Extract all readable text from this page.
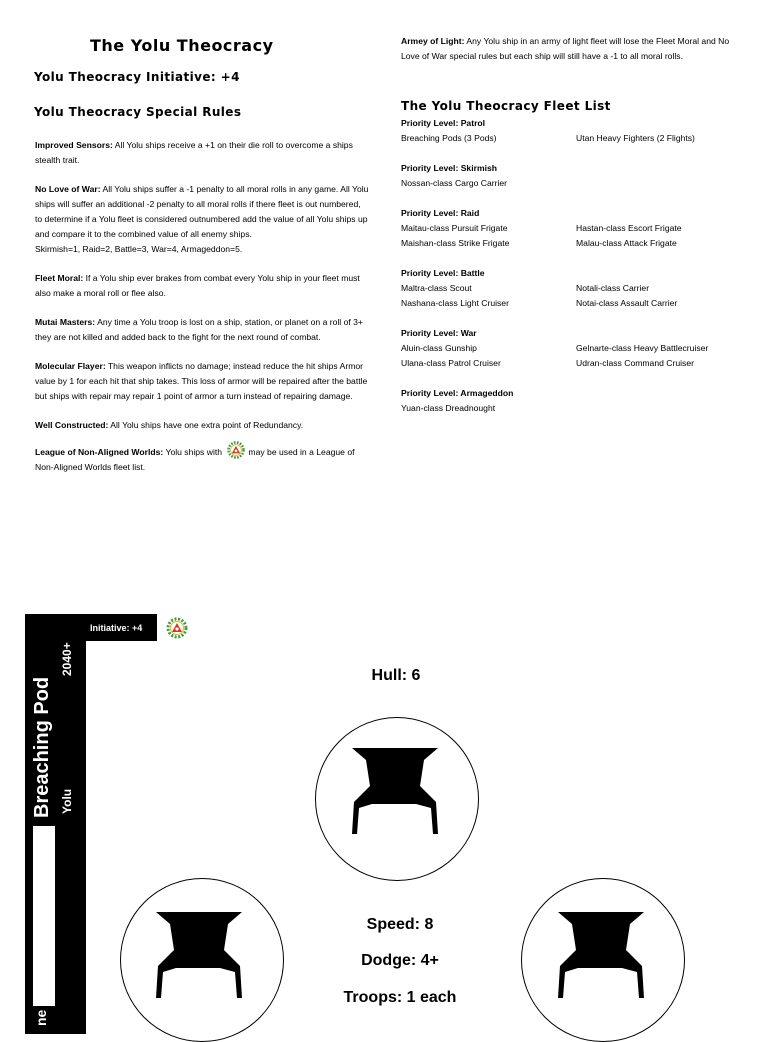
The Yolu Theocracy
Yolu Theocracy Initiative: +4
Yolu Theocracy Special Rules

Improved Sensors: All Yolu ships receive a +1 on their die roll to overcome a ships stealth trait.

No Love of War: All Yolu ships suffer a -1 penalty to all moral rolls in any game. All Yolu ships will suffer an additional -2 penalty to all moral rolls if there fleet is out numbered, to determine if a Yolu fleet is considered outnumbered add the value of all Yolu ships up and compare it to the combined value of all enemy ships.
Skirmish=1, Raid=2, Battle=3, War=4, Armageddon=5.

Fleet Moral: If a Yolu ship ever brakes from combat every Yolu ship in your fleet must also make a moral roll or flee also.

Mutai Masters: Any time a Yolu troop is lost on a ship, station, or planet on a roll of 3+ they are not killed and added back to the fight for the next round of combat.

Molecular Flayer: This weapon inflicts no damage; instead reduce the hit ships Armor value by 1 for each hit that ship takes. This loss of armor will be repaired after the battle but ships with repair may repair 1 point of armor a turn instead of repairing damage.

Well Constructed: All Yolu ships have one extra point of Redundancy.

League of Non-Aligned Worlds: Yolu ships with	may be used in a League of Non-Aligned Worlds fleet list.

Armey of Light: Any Yolu ship in an army of light fleet will lose the Fleet Moral and No Love of War special rules but each ship will still have a -1 to all moral rolls.
The Yolu Theocracy Fleet List
Priority Level: Patrol
Breaching Pods (3 Pods)	Utan Heavy Fighters (2 Flights)
Priority Level: Skirmish
Nossan-class Cargo Carrier
Priority Level: Raid
Maitau-class Pursuit Frigate
Maishan-class Strike Frigate
Hastan-class Escort Frigate
Malau-class Attack Frigate
Priority Level: Battle
Maltra-class Scout
Nashana-class Light Cruiser
Notali-class Carrier
Notai-class Assault Carrier
Priority Level: War
Aluin-class Gunship
Ulana-class Patrol Cruiser
Gelnarte-class Heavy Battlecruiser
Udran-class Command Cruiser
Priority Level: Armageddon
Yuan-class Dreadnought
Initiative: +4
Breaching Pod
2040+
Yolu
ne
Hull: 6
Speed: 8
Dodge: 4+
Troops: 1 each
